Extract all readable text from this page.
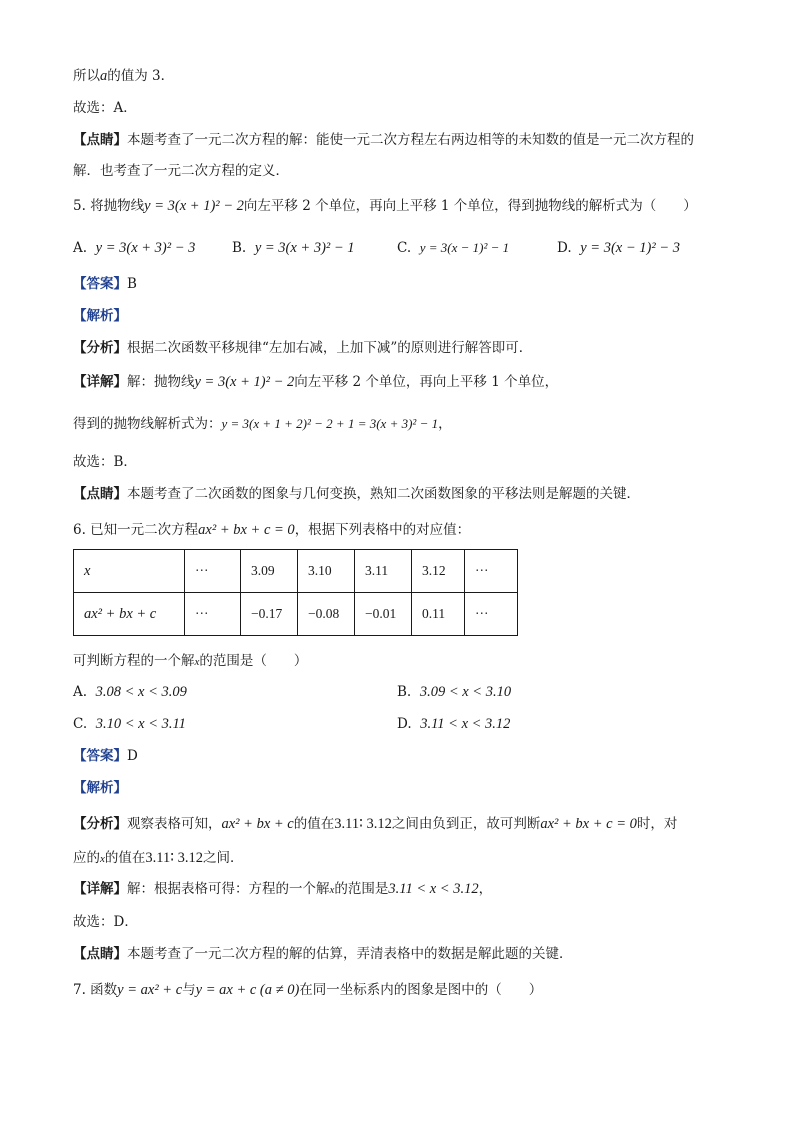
所以a的值为 3．
故选：A．
【点睛】本题考查了一元二次方程的解：能使一元二次方程左右两边相等的未知数的值是一元二次方程的
解．也考查了一元二次方程的定义．
5. 将抛物线y = 3(x + 1)² − 2向左平移 2 个单位，再向上平移 1 个单位，得到抛物线的解析式为（　　）
A. y = 3(x + 3)² − 3	B. y = 3(x + 3)² − 1	C. y = 3(x − 1)² − 1	D. y = 3(x − 1)² − 3
【答案】B
【解析】
【分析】根据二次函数平移规律“左加右减，上加下减”的原则进行解答即可．
【详解】解：抛物线y = 3(x + 1)² − 2向左平移 2 个单位，再向上平移 1 个单位，
得到的抛物线解析式为：y = 3(x + 1 + 2)² − 2 + 1 = 3(x + 3)² − 1，
故选：B．
【点睛】本题考查了二次函数的图象与几何变换，熟知二次函数图象的平移法则是解题的关键．
6. 已知一元二次方程ax² + bx + c = 0，根据下列表格中的对应值：
x	···	3.09	3.10	3.11	3.12	···
ax² + bx + c	···	−0.17	−0.08	−0.01	0.11	···
可判断方程的一个解x的范围是（　　）
A. 3.08 < x < 3.09	B. 3.09 < x < 3.10
C. 3.10 < x < 3.11	D. 3.11 < x < 3.12
【答案】D
【解析】
【分析】观察表格可知，ax² + bx + c的值在3.11∶ 3.12之间由负到正，故可判断ax² + bx + c = 0时，对
应的x的值在3.11∶ 3.12之间．
【详解】解：根据表格可得：方程的一个解x的范围是3.11 < x < 3.12，
故选：D．
【点睛】本题考查了一元二次方程的解的估算，弄清表格中的数据是解此题的关键．
7. 函数y = ax² + c与y = ax + c (a ≠ 0)在同一坐标系内的图象是图中的（　　）
